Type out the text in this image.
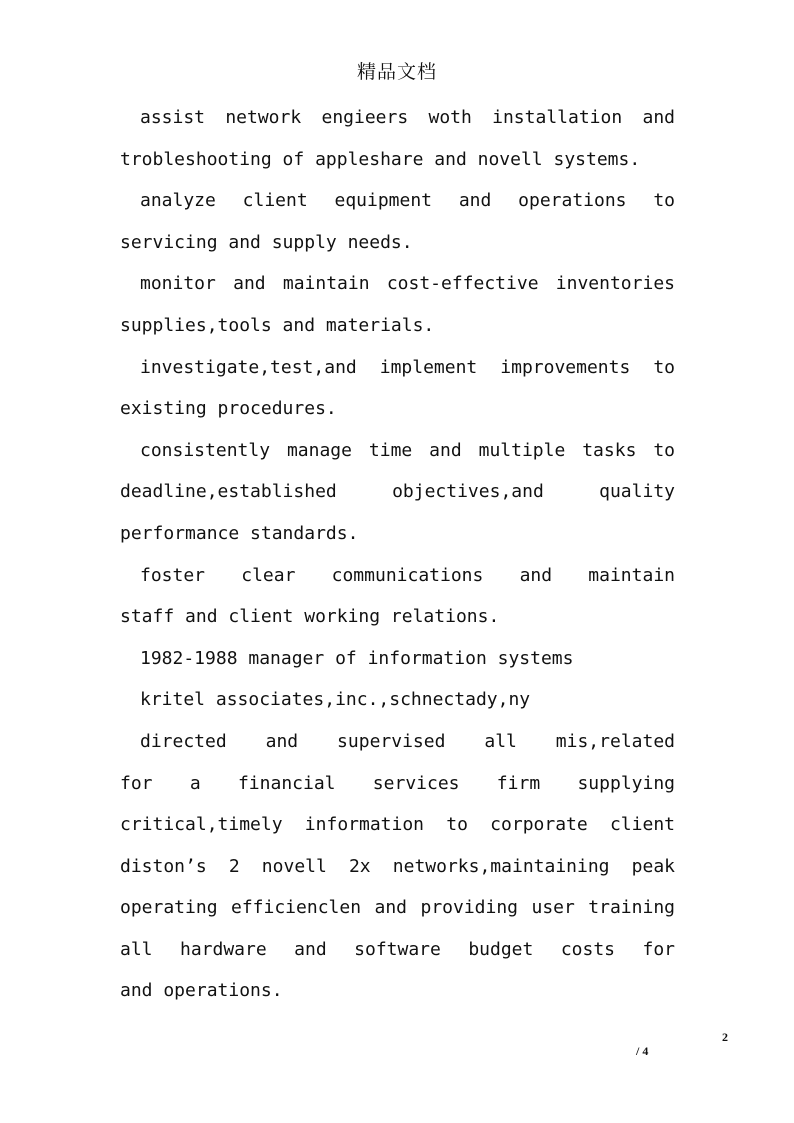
精品文档
assist network engieers woth installation and
trobleshooting of appleshare and novell systems.
analyze client equipment and operations to
servicing and supply needs.
monitor and maintain cost-effective inventories
supplies,tools and materials.
investigate,test,and implement improvements to
existing procedures.
consistently manage time and multiple tasks to
deadline,established objectives,and quality
performance standards.
foster clear communications and maintain
staff and client working relations.
1982-1988 manager of information systems
kritel associates,inc.,schnectady,ny
directed and supervised all mis,related
for a financial services firm supplying
critical,timely information to corporate client
diston’s 2 novell 2x networks,maintaining peak
operating efficienclen and providing user training
all hardware and software budget costs for
and operations.
2
/ 4
